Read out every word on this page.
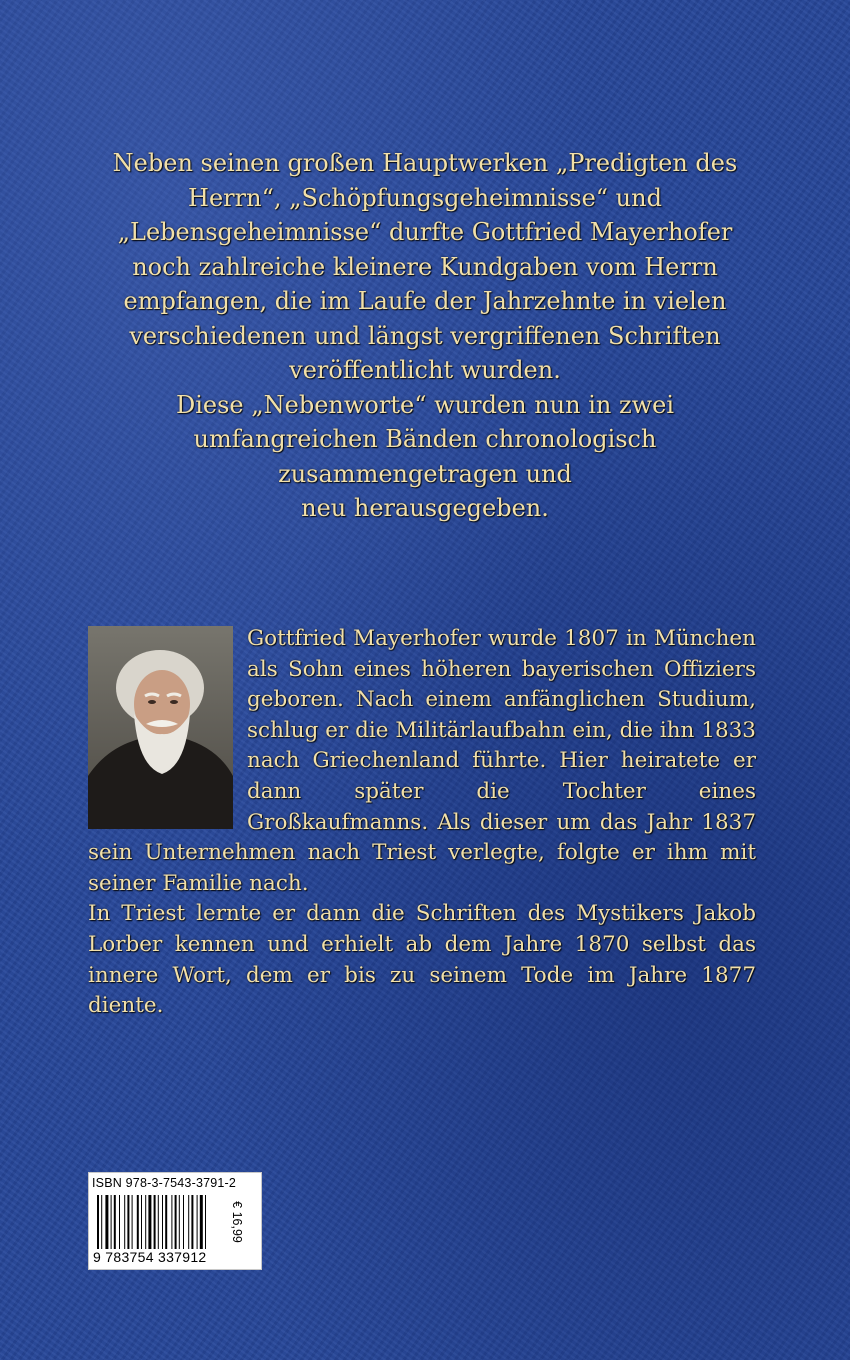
Neben seinen großen Hauptwerken „Predigten des
Herrn“, „Schöpfungsgeheimnisse“ und
„Lebensgeheimnisse“ durfte Gottfried Mayerhofer
noch zahlreiche kleinere Kundgaben vom Herrn
empfangen, die im Laufe der Jahrzehnte in vielen
verschiedenen und längst vergriffenen Schriften
veröffentlicht wurden.

Diese „Nebenworte“ wurden nun in zwei
umfangreichen Bänden chronologisch
zusammengetragen und
neu herausgegeben.

Gottfried Mayerhofer wurde 1807 in München als Sohn eines höheren bayerischen Offiziers geboren. Nach einem anfänglichen Studium, schlug er die Militärlaufbahn ein, die ihn 1833 nach Griechenland führte. Hier heiratete er dann später die Tochter eines Großkaufmanns. Als dieser um das Jahr 1837 sein Unternehmen nach Triest verlegte, folgte er ihm mit seiner Familie nach.

In Triest lernte er dann die Schriften des Mystikers Jakob Lorber kennen und erhielt ab dem Jahre 1870 selbst das innere Wort, dem er bis zu seinem Tode im Jahre 1877 diente.

ISBN 978-3-7543-3791-2
9 783754 337912
€ 16,99
